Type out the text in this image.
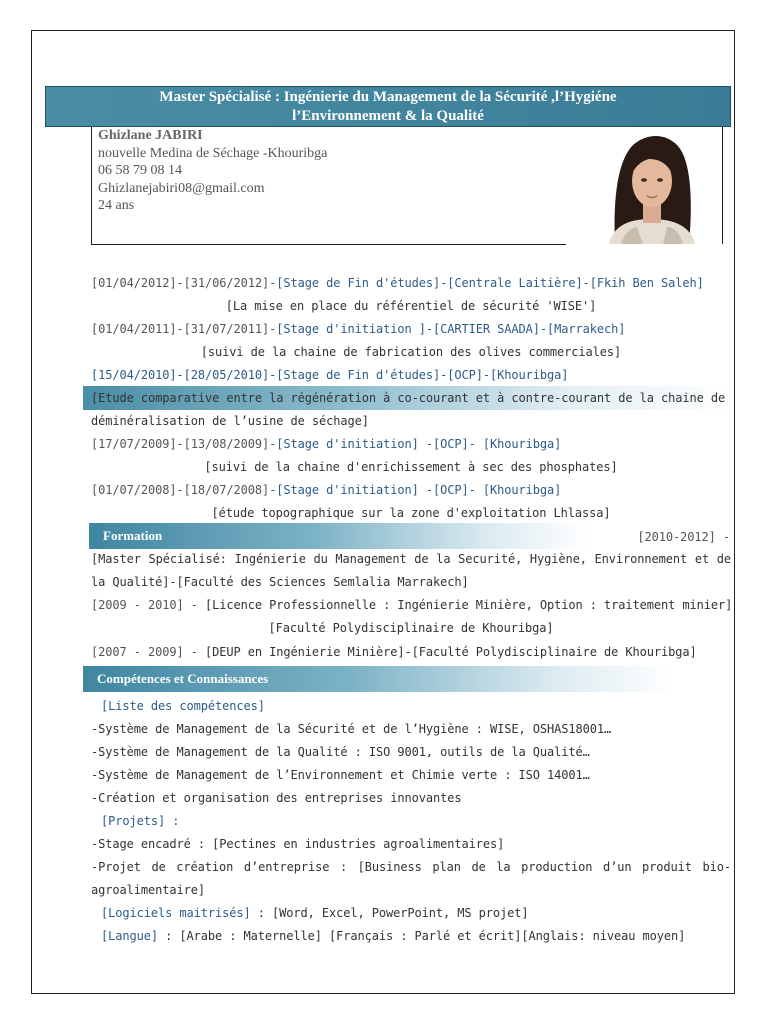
Master Spécialisé : Ingénierie du Management de la Sécurité ,l’Hygiéne
l’Environnement & la Qualité
Ghizlane JABIRI
nouvelle Medina de Séchage -Khouribga
06 58 79 08 14
Ghizlanejabiri08@gmail.com
24 ans
[01/04/2012]-[31/06/2012]-[Stage de Fin d'études]-[Centrale Laitière]-[Fkih Ben Saleh]
[La mise en place du référentiel de sécurité 'WISE']
[01/04/2011]-[31/07/2011]-[Stage d'initiation ]-[CARTIER SAADA]-[Marrakech]
[suivi de la chaine de fabrication des olives commerciales]
[15/04/2010]-[28/05/2010]-[Stage de Fin d'études]-[OCP]-[Khouribga]
[Etude comparative entre la régénération à co-courant et à contre-courant de la chaine de
déminéralisation de l’usine de séchage]
[17/07/2009]-[13/08/2009]-[Stage d'initiation] -[OCP]- [Khouribga]
[suivi de la chaine d'enrichissement à sec des phosphates]
[01/07/2008]-[18/07/2008]-[Stage d'initiation] -[OCP]- [Khouribga]
[étude topographique sur la zone d'exploitation Lhlassa]
Formation	[2010-2012] -
[Master Spécialisé: Ingénierie du Management de la Securité, Hygiène, Environnement et de la Qualité]-[Faculté des Sciences Semlalia Marrakech]
[2009 - 2010] - [Licence Professionnelle : Ingénierie Minière, Option : traitement minier]
[Faculté Polydisciplinaire de Khouribga]
[2007 - 2009] - [DEUP en Ingénierie Minière]-[Faculté Polydisciplinaire de Khouribga]
Compétences et Connaissances
[Liste des compétences]
-Système de Management de la Sécurité et de l’Hygiène : WISE, OSHAS18001…
-Système de Management de la Qualité : ISO 9001, outils de la Qualité…
-Système de Management de l’Environnement et Chimie verte : ISO 14001…
-Création et organisation des entreprises innovantes
[Projets] :
-Stage encadré : [Pectines en industries agroalimentaires]
-Projet de création d’entreprise : [Business plan de la production d’un produit bio-agroalimentaire]
[Logiciels maitrisés] : [Word, Excel, PowerPoint, MS projet]
[Langue] : [Arabe : Maternelle] [Français : Parlé et écrit][Anglais: niveau moyen]
